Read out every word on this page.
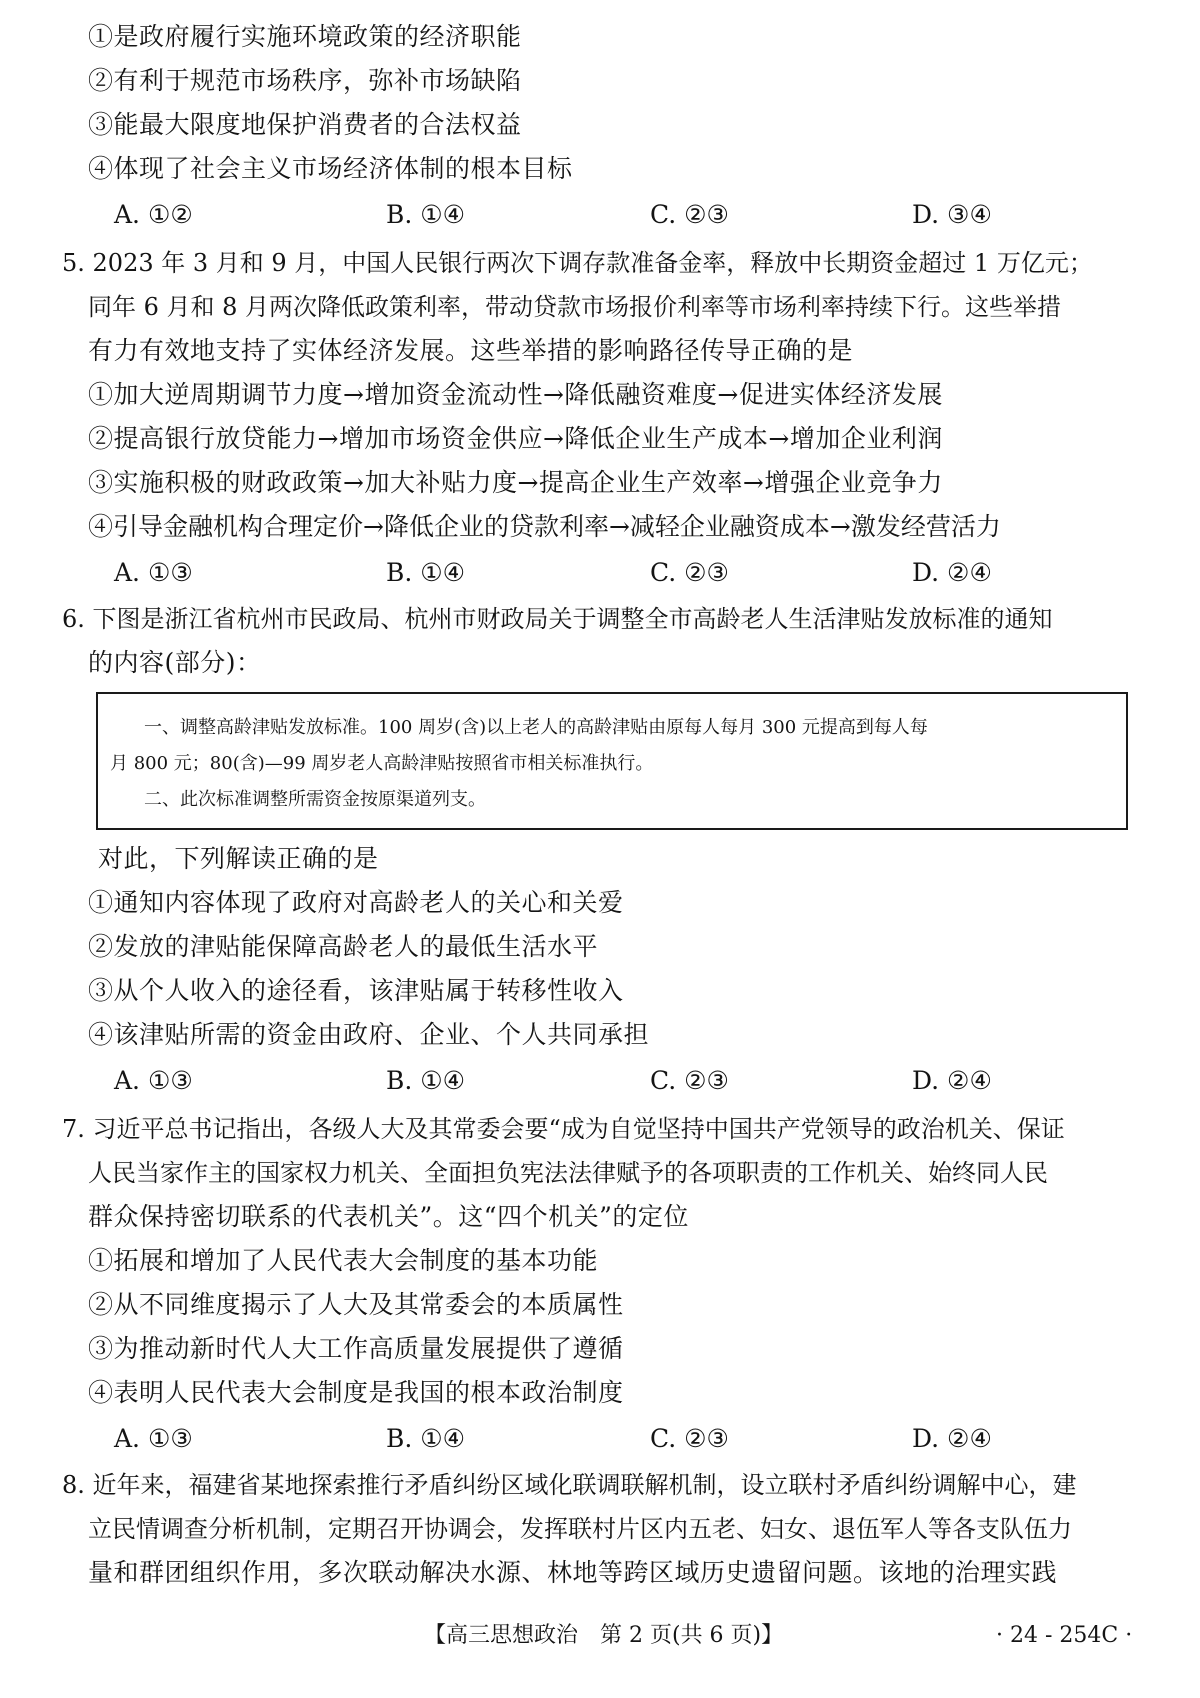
①是政府履行实施环境政策的经济职能
②有利于规范市场秩序，弥补市场缺陷
③能最大限度地保护消费者的合法权益
④体现了社会主义市场经济体制的根本目标
A. ①②	B. ①④	C. ②③	D. ③④
5. 2023 年 3 月和 9 月，中国人民银行两次下调存款准备金率，释放中长期资金超过 1 万亿元；
同年 6 月和 8 月两次降低政策利率，带动贷款市场报价利率等市场利率持续下行。这些举措
有力有效地支持了实体经济发展。这些举措的影响路径传导正确的是
①加大逆周期调节力度→增加资金流动性→降低融资难度→促进实体经济发展
②提高银行放贷能力→增加市场资金供应→降低企业生产成本→增加企业利润
③实施积极的财政政策→加大补贴力度→提高企业生产效率→增强企业竞争力
④引导金融机构合理定价→降低企业的贷款利率→减轻企业融资成本→激发经营活力
A. ①③	B. ①④	C. ②③	D. ②④
6. 下图是浙江省杭州市民政局、杭州市财政局关于调整全市高龄老人生活津贴发放标准的通知
的内容(部分)：
一、调整高龄津贴发放标准。100 周岁(含)以上老人的高龄津贴由原每人每月 300 元提高到每人每
月 800 元；80(含)—99 周岁老人高龄津贴按照省市相关标准执行。
二、此次标准调整所需资金按原渠道列支。
对此，下列解读正确的是
①通知内容体现了政府对高龄老人的关心和关爱
②发放的津贴能保障高龄老人的最低生活水平
③从个人收入的途径看，该津贴属于转移性收入
④该津贴所需的资金由政府、企业、个人共同承担
A. ①③	B. ①④	C. ②③	D. ②④
7. 习近平总书记指出，各级人大及其常委会要“成为自觉坚持中国共产党领导的政治机关、保证
人民当家作主的国家权力机关、全面担负宪法法律赋予的各项职责的工作机关、始终同人民
群众保持密切联系的代表机关”。这“四个机关”的定位
①拓展和增加了人民代表大会制度的基本功能
②从不同维度揭示了人大及其常委会的本质属性
③为推动新时代人大工作高质量发展提供了遵循
④表明人民代表大会制度是我国的根本政治制度
A. ①③	B. ①④	C. ②③	D. ②④
8. 近年来，福建省某地探索推行矛盾纠纷区域化联调联解机制，设立联村矛盾纠纷调解中心，建
立民情调查分析机制，定期召开协调会，发挥联村片区内五老、妇女、退伍军人等各支队伍力
量和群团组织作用，多次联动解决水源、林地等跨区域历史遗留问题。该地的治理实践
【高三思想政治　第 2 页(共 6 页)】	· 24 - 254C ·
